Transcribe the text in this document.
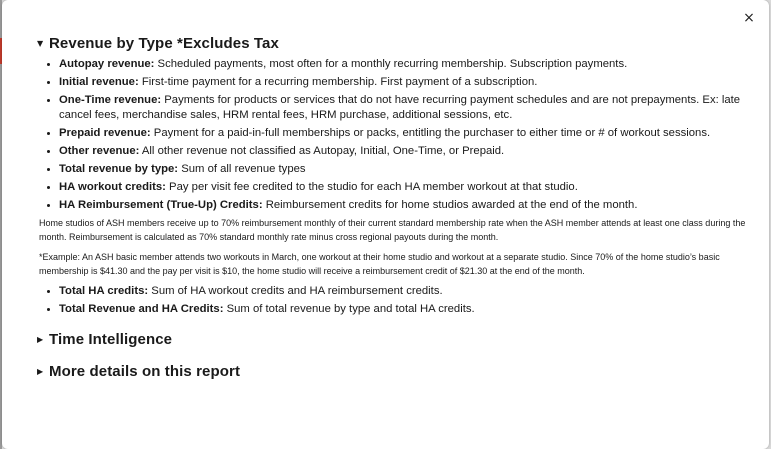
×
▼ Revenue by Type *Excludes Tax
• Autopay revenue: Scheduled payments, most often for a monthly recurring membership. Subscription payments.
• Initial revenue: First-time payment for a recurring membership. First payment of a subscription.
• One-Time revenue: Payments for products or services that do not have recurring payment schedules and are not prepayments. Ex: late cancel fees, merchandise sales, HRM rental fees, HRM purchase, additional sessions, etc.
• Prepaid revenue: Payment for a paid-in-full memberships or packs, entitling the purchaser to either time or # of workout sessions.
• Other revenue: All other revenue not classified as Autopay, Initial, One-Time, or Prepaid.
• Total revenue by type: Sum of all revenue types
• HA workout credits: Pay per visit fee credited to the studio for each HA member workout at that studio.
• HA Reimbursement (True-Up) Credits: Reimbursement credits for home studios awarded at the end of the month.

Home studios of ASH members receive up to 70% reimbursement monthly of their current standard membership rate when the ASH member attends at least one class during the month. Reimbursement is calculated as 70% standard monthly rate minus cross regional payouts during the month.

*Example: An ASH basic member attends two workouts in March, one workout at their home studio and workout at a separate studio. Since 70% of the home studio’s basic membership is $41.30 and the pay per visit is $10, the home studio will receive a reimbursement credit of $21.30 at the end of the month.

• Total HA credits: Sum of HA workout credits and HA reimbursement credits.
• Total Revenue and HA Credits: Sum of total revenue by type and total HA credits.
▶ Time Intelligence
▶ More details on this report
